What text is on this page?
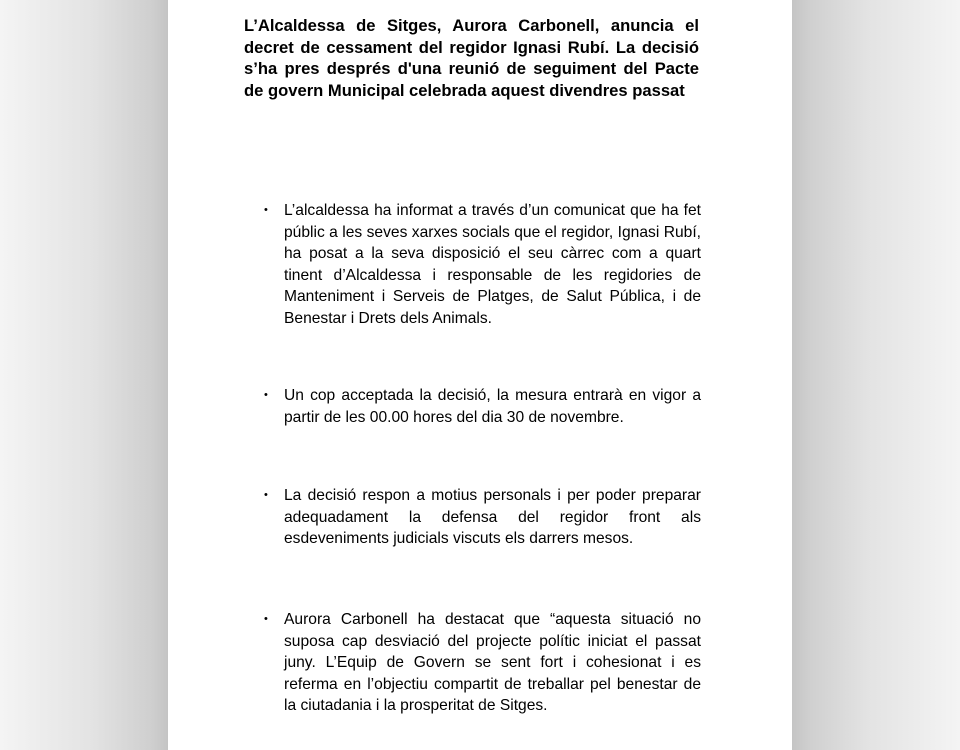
L’Alcaldessa de Sitges, Aurora Carbonell, anuncia el decret de cessament del regidor Ignasi Rubí. La decisió s’ha pres després d'una reunió de seguiment del Pacte de govern Municipal celebrada aquest divendres passat
• L’alcaldessa ha informat a través d’un comunicat que ha fet públic a les seves xarxes socials que el regidor, Ignasi Rubí, ha posat a la seva disposició el seu càrrec com a quart tinent d’Alcaldessa i responsable de les regidories de Manteniment i Serveis de Platges, de Salut Pública, i de Benestar i Drets dels Animals.
• Un cop acceptada la decisió, la mesura entrarà en vigor a partir de les 00.00 hores del dia 30 de novembre.
• La decisió respon a motius personals i per poder preparar adequadament la defensa del regidor front als esdeveniments judicials viscuts els darrers mesos.
• Aurora Carbonell ha destacat que “aquesta situació no suposa cap desviació del projecte polític iniciat el passat juny. L’Equip de Govern se sent fort i cohesionat i es referma en l’objectiu compartit de treballar pel benestar de la ciutadania i la prosperitat de Sitges.
